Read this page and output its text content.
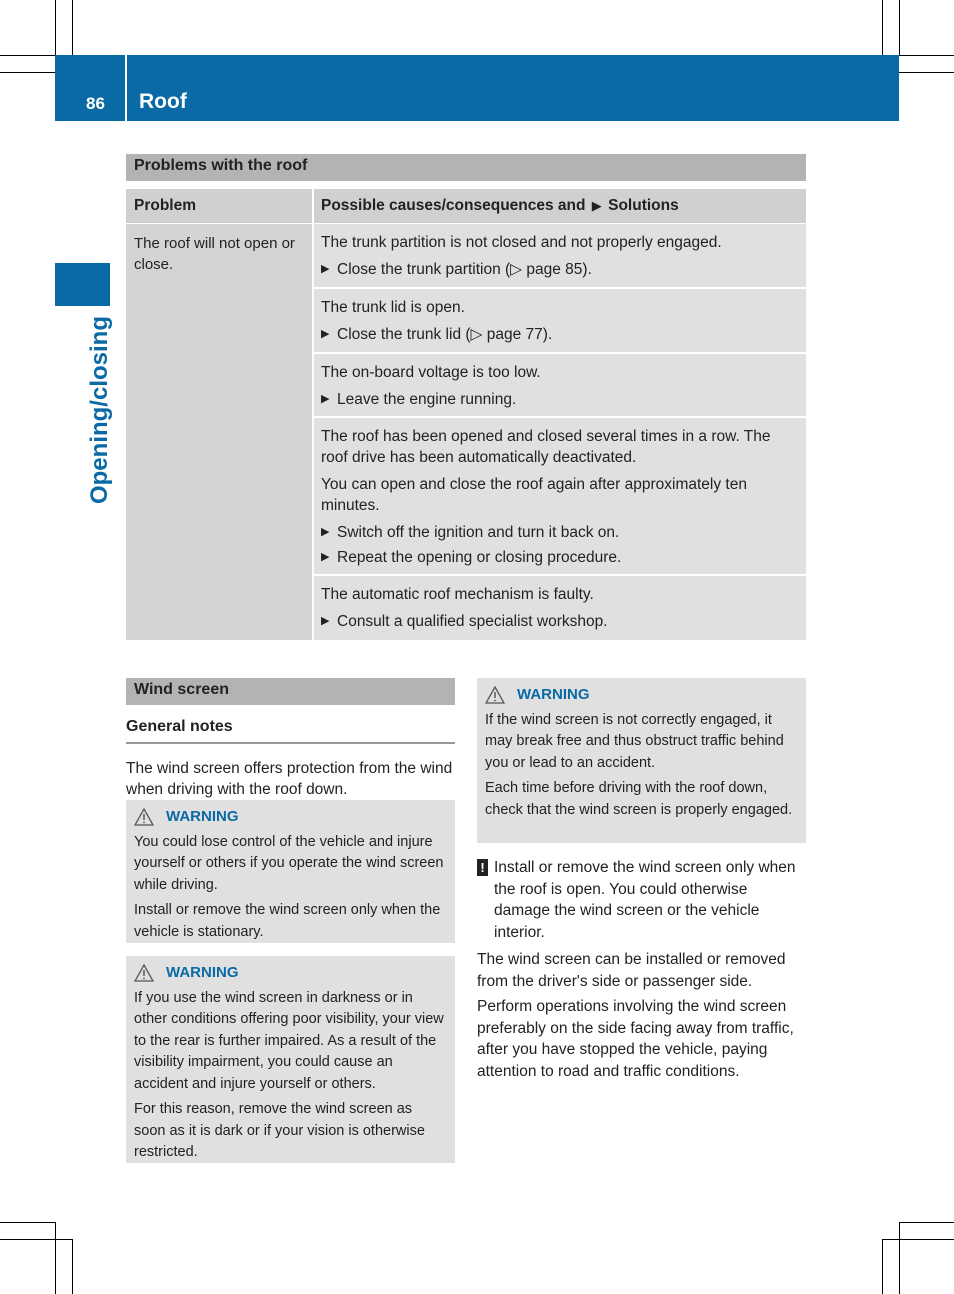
86 Roof
Opening/closing
Problems with the roof
Problem	Possible causes/consequences and ▶ Solutions
The roof will not open or close.

The trunk partition is not closed and not properly engaged.

▶ Close the trunk partition (▷ page 85).

The trunk lid is open.

▶ Close the trunk lid (▷ page 77).

The on-board voltage is too low.

▶ Leave the engine running.

The roof has been opened and closed several times in a row. The roof drive has been automatically deactivated.

You can open and close the roof again after approximately ten minutes.

▶ Switch off the ignition and turn it back on.
▶ Repeat the opening or closing procedure.

The automatic roof mechanism is faulty.

▶ Consult a qualified specialist workshop.
Wind screen
General notes

The wind screen offers protection from the wind when driving with the roof down.

WARNING

You could lose control of the vehicle and injure yourself or others if you operate the wind screen while driving.

Install or remove the wind screen only when the vehicle is stationary.

WARNING

If you use the wind screen in darkness or in other conditions offering poor visibility, your view to the rear is further impaired. As a result of the visibility impairment, you could cause an accident and injure yourself or others.

For this reason, remove the wind screen as soon as it is dark or if your vision is otherwise restricted.

WARNING

If the wind screen is not correctly engaged, it may break free and thus obstruct traffic behind you or lead to an accident.

Each time before driving with the roof down, check that the wind screen is properly engaged.

! Install or remove the wind screen only when the roof is open. You could otherwise damage the wind screen or the vehicle interior.

The wind screen can be installed or removed from the driver's side or passenger side.

Perform operations involving the wind screen preferably on the side facing away from traffic, after you have stopped the vehicle, paying attention to road and traffic conditions.
